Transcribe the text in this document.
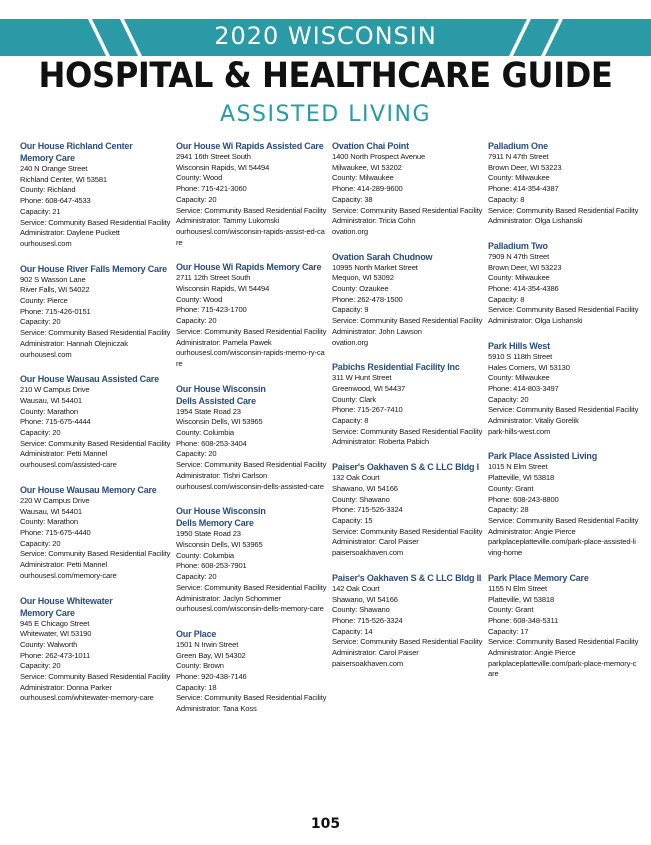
2020 WISCONSIN
HOSPITAL & HEALTHCARE GUIDE
ASSISTED LIVING
Our House Richland Center
Memory Care
240 N Orange Street
Richland Center, WI 53581
County: Richland
Phone: 608-647-4533
Capacity: 21
Service: Community Based Residential Facility
Administrator: Daylene Puckett
ourhousesl.com
Our House River Falls Memory Care
902 S Wasson Lane
River Falls, WI 54022
County: Pierce
Phone: 715-426-0151
Capacity: 20
Service: Community Based Residential Facility
Administrator: Hannah Olejniczak
ourhousesl.com
Our House Wausau Assisted Care
210 W Campus Drive
Wausau, WI 54401
County: Marathon
Phone: 715-675-4444
Capacity: 20
Service: Community Based Residential Facility
Administrator: Petti Mannel
ourhousesl.com/assisted-care
Our House Wausau Memory Care
220 W Campus Drive
Wausau, WI 54401
County: Marathon
Phone: 715-675-4440
Capacity: 20
Service: Community Based Residential Facility
Administrator: Petti Mannel
ourhousesl.com/memory-care
Our House Whitewater
Memory Care
945 E Chicago Street
Whitewater, WI 53190
County: Walworth
Phone: 262-473-1011
Capacity: 20
Service: Community Based Residential Facility
Administrator: Donna Parker
ourhousesl.com/whitewater-memory-care
Our House Wi Rapids Assisted Care
2941 16th Street South
Wisconsin Rapids, WI 54494
County: Wood
Phone: 715-421-3060
Capacity: 20
Service: Community Based Residential Facility
Administrator: Tammy Lukomski
ourhousesl.com/wisconsin-rapids-assist-ed-care
Our House Wi Rapids Memory Care
2711 12th Street South
Wisconsin Rapids, WI 54494
County: Wood
Phone: 715-423-1700
Capacity: 20
Service: Community Based Residential Facility
Administrator: Pamela Pawek
ourhousesl.com/wisconsin-rapids-memo-ry-care
Our House Wisconsin
Dells Assisted Care
1954 State Road 23
Wisconsin Dells, WI 53965
County: Columbia
Phone: 608-253-3404
Capacity: 20
Service: Community Based Residential Facility
Administrator: Tishri Carlson
ourhousesl.com/wisconsin-dells-assisted-care
Our House Wisconsin
Dells Memory Care
1950 State Road 23
Wisconsin Dells, WI 53965
County: Columbia
Phone: 608-253-7901
Capacity: 20
Service: Community Based Residential Facility
Administrator: Jaclyn Schommer
ourhousesl.com/wisconsin-dells-memory-care
Our Place
1501 N Irwin Street
Green Bay, WI 54302
County: Brown
Phone: 920-438-7146
Capacity: 18
Service: Community Based Residential Facility
Administrator: Tana Koss
Ovation Chai Point
1400 North Prospect Avenue
Milwaukee, WI 53202
County: Milwaukee
Phone: 414-289-9600
Capacity: 38
Service: Community Based Residential Facility
Administrator: Tricia Cohn
ovation.org
Ovation Sarah Chudnow
10995 North Market Street
Mequon, WI 53092
County: Ozaukee
Phone: 262-478-1500
Capacity: 9
Service: Community Based Residential Facility
Administrator: John Lawson
ovation.org
Pabichs Residential Facility Inc
311 W Hunt Street
Greenwood, WI 54437
County: Clark
Phone: 715-267-7410
Capacity: 8
Service: Community Based Residential Facility
Administrator: Roberta Pabich
Paiser's Oakhaven S & C LLC Bldg I
132 Oak Court
Shawano, WI 54166
County: Shawano
Phone: 715-526-3324
Capacity: 15
Service: Community Based Residential Facility
Administrator: Carol Paiser
paisersoakhaven.com
Paiser's Oakhaven S & C LLC Bldg II
142 Oak Court
Shawano, WI 54166
County: Shawano
Phone: 715-526-3324
Capacity: 14
Service: Community Based Residential Facility
Administrator: Carol Paiser
paisersoakhaven.com
Palladium One
7911 N 47th Street
Brown Deer, WI 53223
County: Milwaukee
Phone: 414-354-4387
Capacity: 8
Service: Community Based Residential Facility
Administrator: Olga Lishanski
Palladium Two
7909 N 47th Street
Brown Deer, WI 53223
County: Milwaukee
Phone: 414-354-4386
Capacity: 8
Service: Community Based Residential Facility
Administrator: Olga Lishanski
Park Hills West
5910 S 118th Street
Hales Corners, WI 53130
County: Milwaukee
Phone: 414-803-3497
Capacity: 20
Service: Community Based Residential Facility
Administrator: Vitaliy Gorelik
park-hills-west.com
Park Place Assisted Living
1015 N Elm Street
Platteville, WI 53818
County: Grant
Phone: 608-243-8800
Capacity: 28
Service: Community Based Residential Facility
Administrator: Angie Pierce
parkplaceplatteville.com/park-place-assisted-living-home
Park Place Memory Care
1155 N Elm Street
Platteville, WI 53818
County: Grant
Phone: 608-348-5311
Capacity: 17
Service: Community Based Residential Facility
Administrator: Angie Pierce
parkplaceplatteville.com/park-place-memory-care
105
